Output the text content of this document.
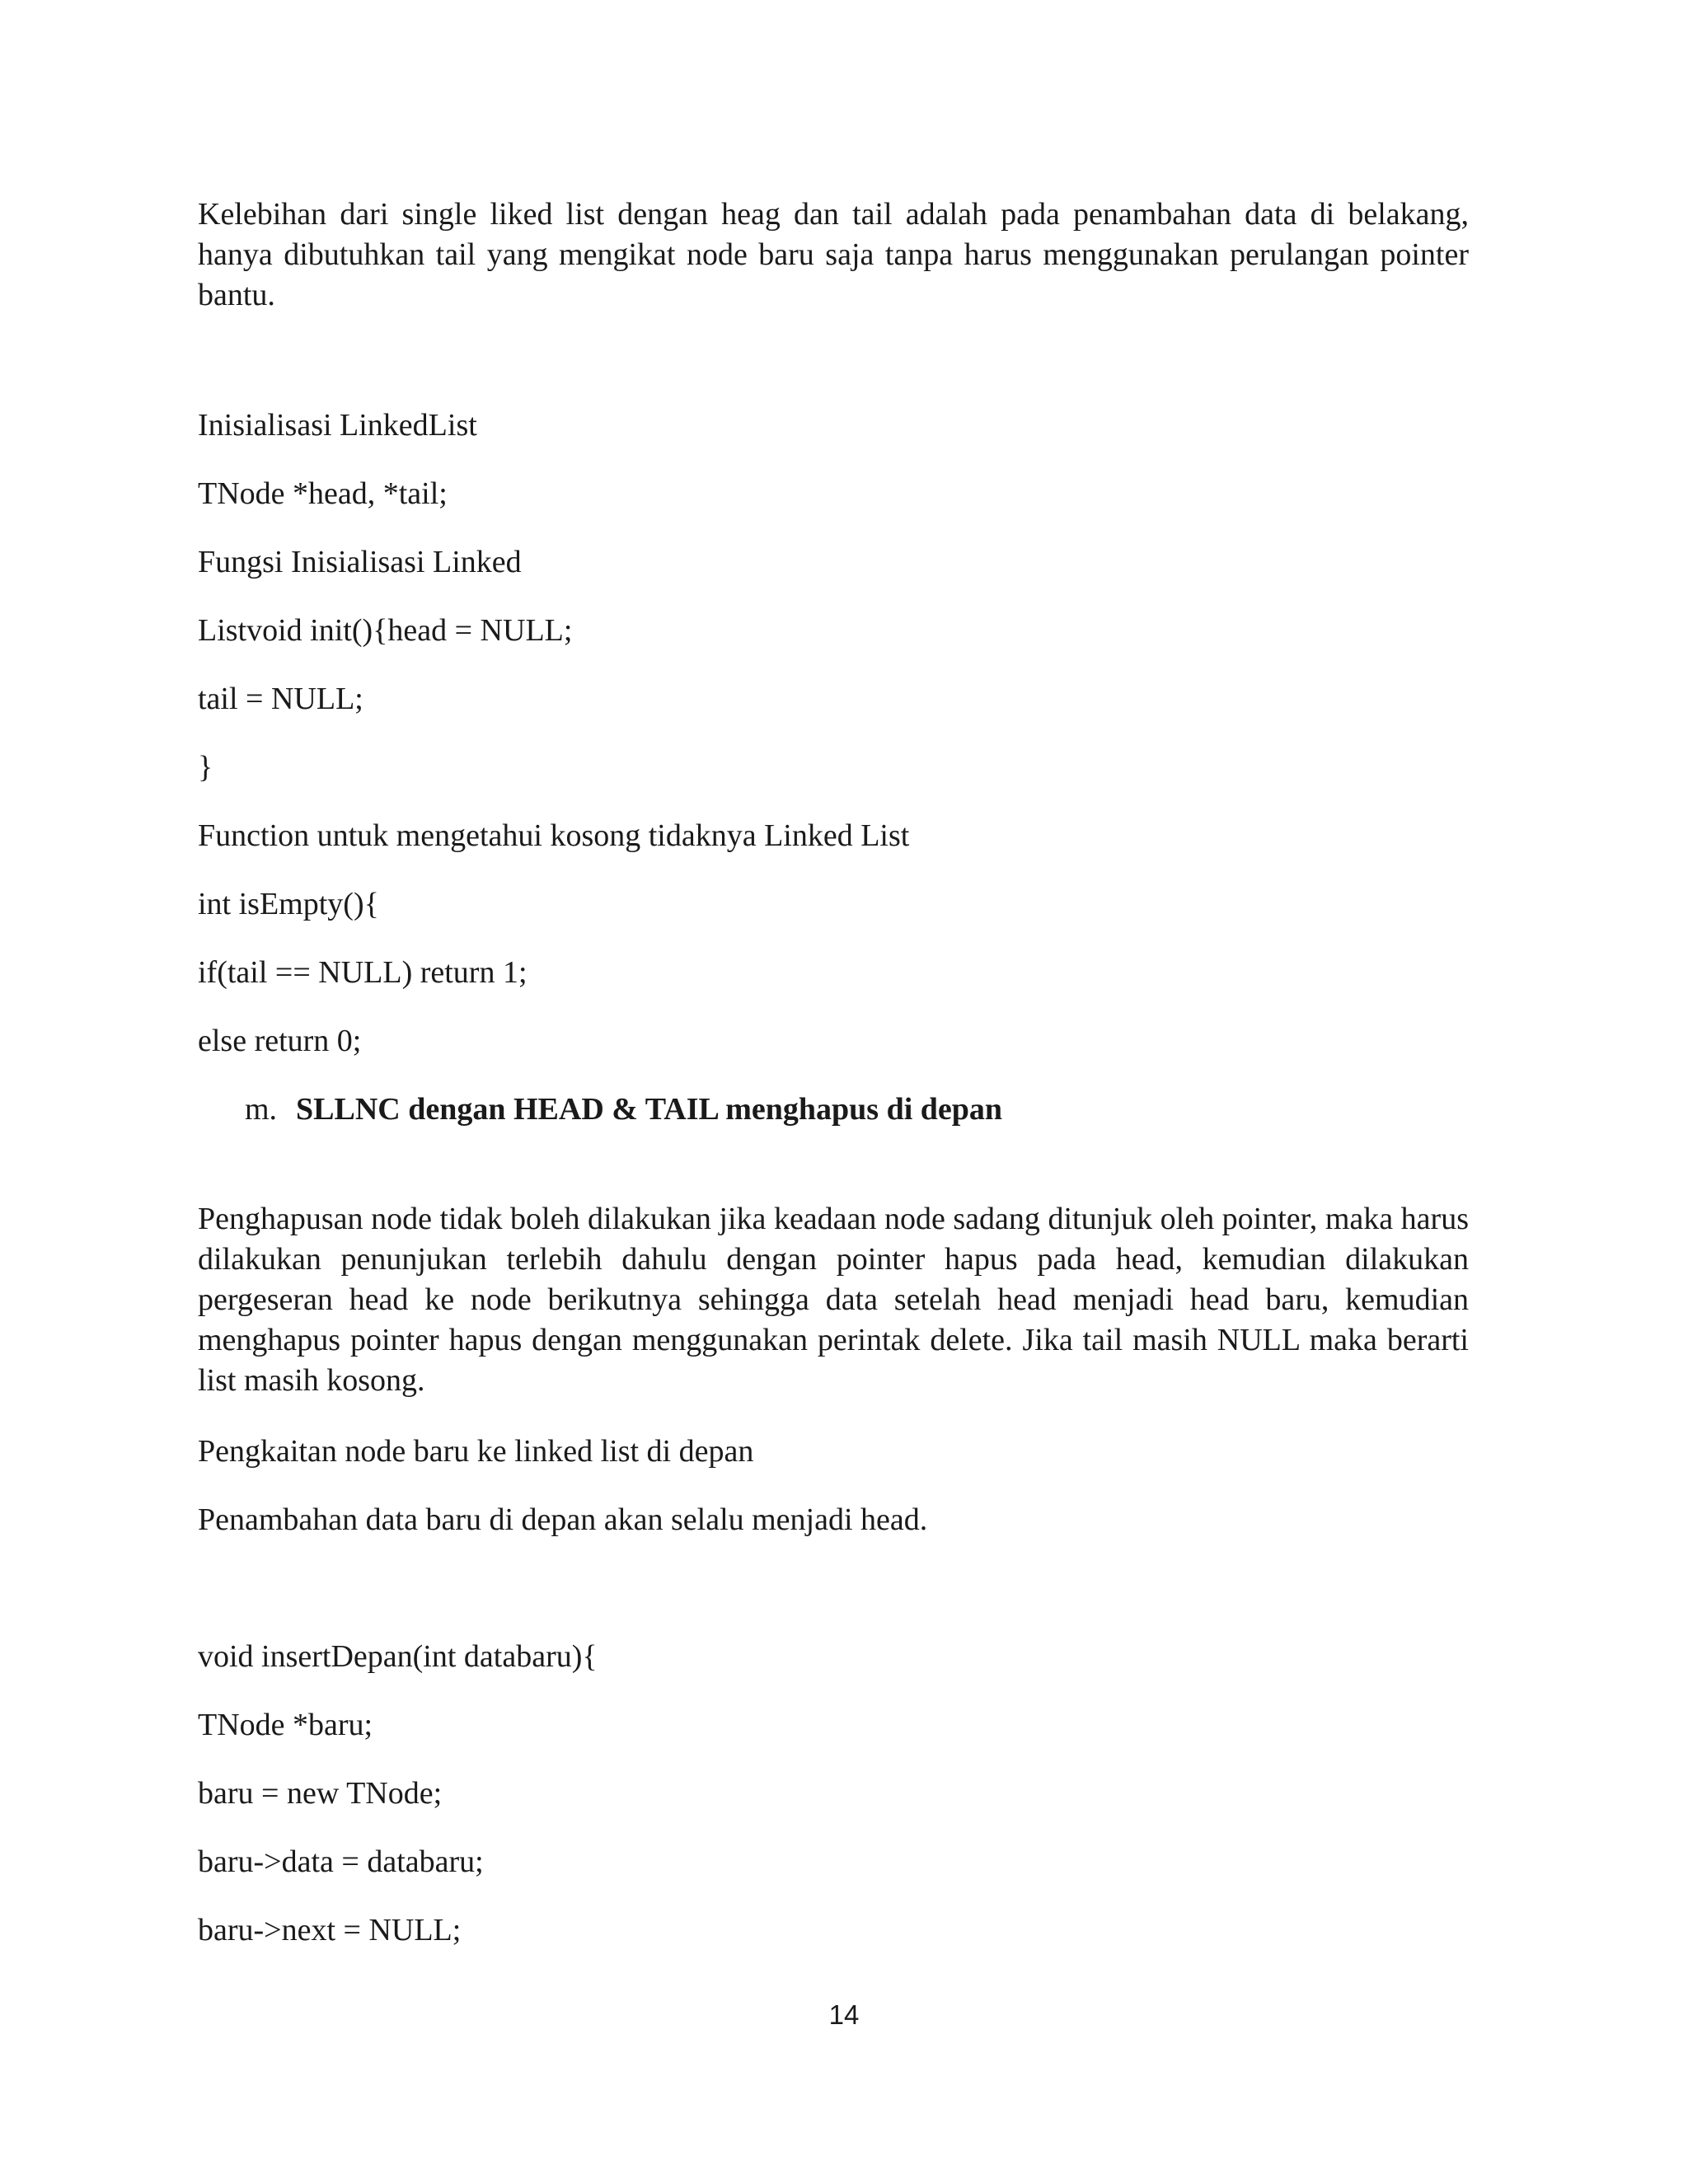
Kelebihan dari single liked list dengan heag dan tail adalah pada penambahan data di belakang, hanya dibutuhkan tail yang mengikat node baru saja tanpa harus menggunakan perulangan pointer bantu.

Inisialisasi LinkedList

TNode *head, *tail;

Fungsi Inisialisasi Linked

Listvoid init(){head = NULL;

tail = NULL;

}

Function untuk mengetahui kosong tidaknya Linked List

int isEmpty(){

if(tail == NULL) return 1;

else return 0;

m. SLLNC dengan HEAD & TAIL menghapus di depan

Penghapusan node tidak boleh dilakukan jika keadaan node sadang ditunjuk oleh pointer, maka harus dilakukan penunjukan terlebih dahulu dengan pointer hapus pada head, kemudian dilakukan pergeseran head ke node berikutnya sehingga data setelah head menjadi head baru, kemudian menghapus pointer hapus dengan menggunakan perintak delete. Jika tail masih NULL maka berarti list masih kosong.

Pengkaitan node baru ke linked list di depan

Penambahan data baru di depan akan selalu menjadi head.

void insertDepan(int databaru){

TNode *baru;

baru = new TNode;

baru->data = databaru;

baru->next = NULL;

14
